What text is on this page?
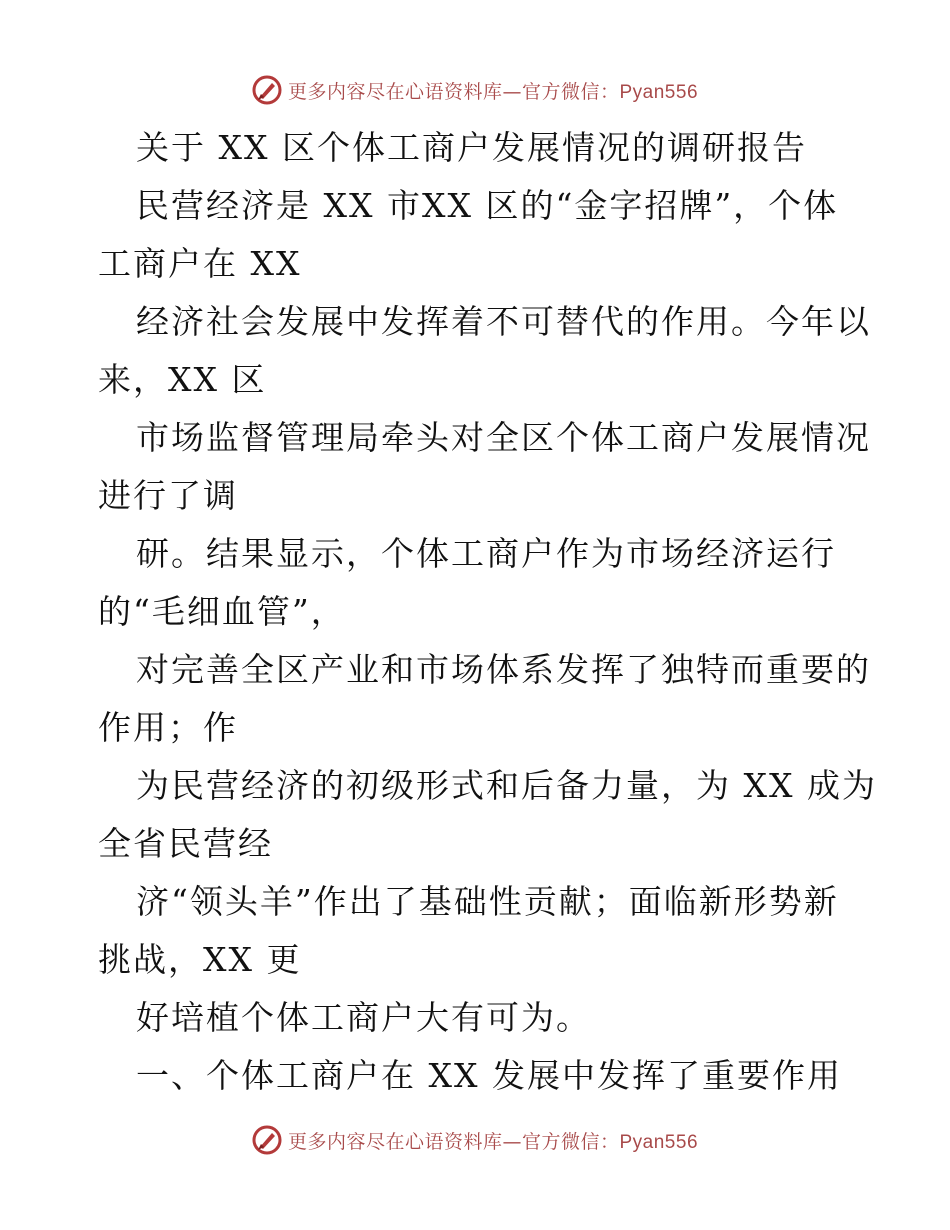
更多内容尽在心语资料库—官方微信：Pyan556
关于 XX 区个体工商户发展情况的调研报告
民营经济是 XX 市XX 区的“金字招牌”，个体
工商户在 XX
经济社会发展中发挥着不可替代的作用。今年以
来，XX 区
市场监督管理局牵头对全区个体工商户发展情况
进行了调
研。结果显示，个体工商户作为市场经济运行
的“毛细血管”，
对完善全区产业和市场体系发挥了独特而重要的
作用；作
为民营经济的初级形式和后备力量，为 XX 成为
全省民营经
济“领头羊”作出了基础性贡献；面临新形势新
挑战，XX 更
好培植个体工商户大有可为。
一、个体工商户在 XX 发展中发挥了重要作用
更多内容尽在心语资料库—官方微信：Pyan556
